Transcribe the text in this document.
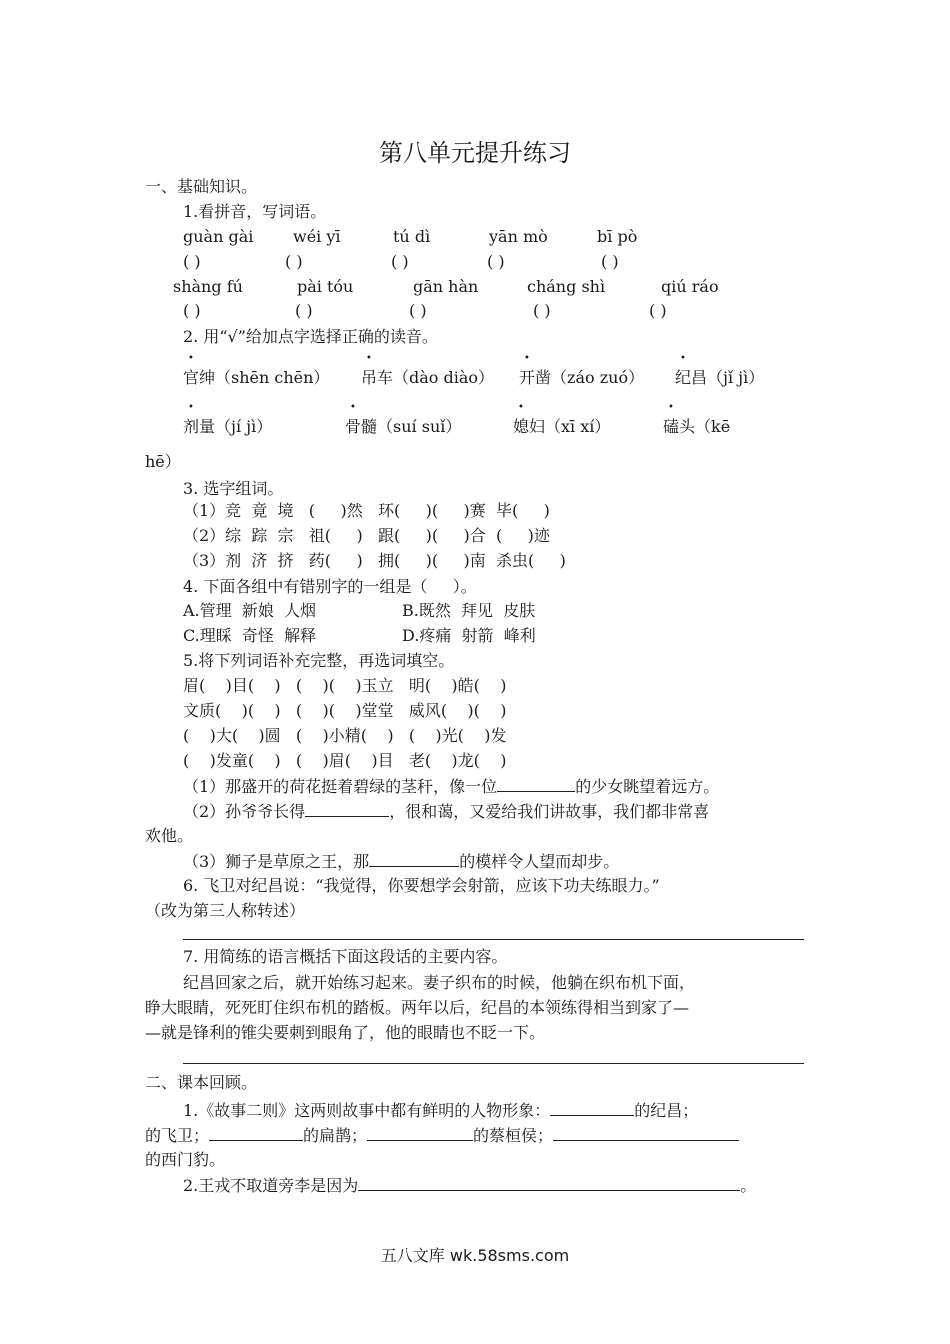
第八单元提升练习
一、基础知识。
1.看拼音，写词语。
guàn gài wéi yī	tú dì	yān mò	bī pò
( )	( )	( )	( )	( )
shàng fú	pài tóu	gān hàn	cháng shì	qiú ráo
( )	( )	( )	( )	( )
2. 用“√”给加点字选择正确的读音。
官绅（shēn chēn） 吊车（dào diào） 开凿（záo zuó） 纪昌（jǐ jì）
剂量（jí jì）	骨髓（suí suǐ）	媳妇（xī xí）	磕头（kē
hē）
3. 选字组词。
（1）竞  竟  境   (     )然   环(     )(     )赛  毕(     )
（2）综  踪  宗   祖(     )   跟(     )(     )合  (     )迹
（3）剂  济  挤   药(     )   拥(     )(     )南  杀虫(     )
4. 下面各组中有错别字的一组是（     ）。
A.管理  新娘  人烟	B.既然  拜见  皮肤
C.理睬  奇怪  解释	D.疼痛  射箭  峰利
5.将下列词语补充完整，再选词填空。
眉(    )目(    )   (    )(    )玉立   明(    )皓(    )
文质(    )(    )   (    )(    )堂堂   威风(    )(    )
(    )大(    )圆   (    )小精(    )   (    )光(    )发
(    )发童(    )   (    )眉(    )目   老(    )龙(    )
（1）那盛开的荷花挺着碧绿的茎秆，像一位	的少女眺望着远方。
（2）孙爷爷长得	，很和蔼，又爱给我们讲故事，我们都非常喜
欢他。
（3）狮子是草原之王，那	的模样令人望而却步。
6. 飞卫对纪昌说：“我觉得，你要想学会射箭，应该下功夫练眼力。”
（改为第三人称转述）
7. 用简练的语言概括下面这段话的主要内容。
纪昌回家之后，就开始练习起来。妻子织布的时候，他躺在织布机下面，
睁大眼睛，死死盯住织布机的踏板。两年以后，纪昌的本领练得相当到家了—
—就是锋利的锥尖要刺到眼角了，他的眼睛也不眨一下。
二、课本回顾。
1.《故事二则》这两则故事中都有鲜明的人物形象：	的纪昌；
的飞卫；	的扁鹊；	的蔡桓侯；
的西门豹。
2.王戎不取道旁李是因为	。
五八文库 wk.58sms.com
